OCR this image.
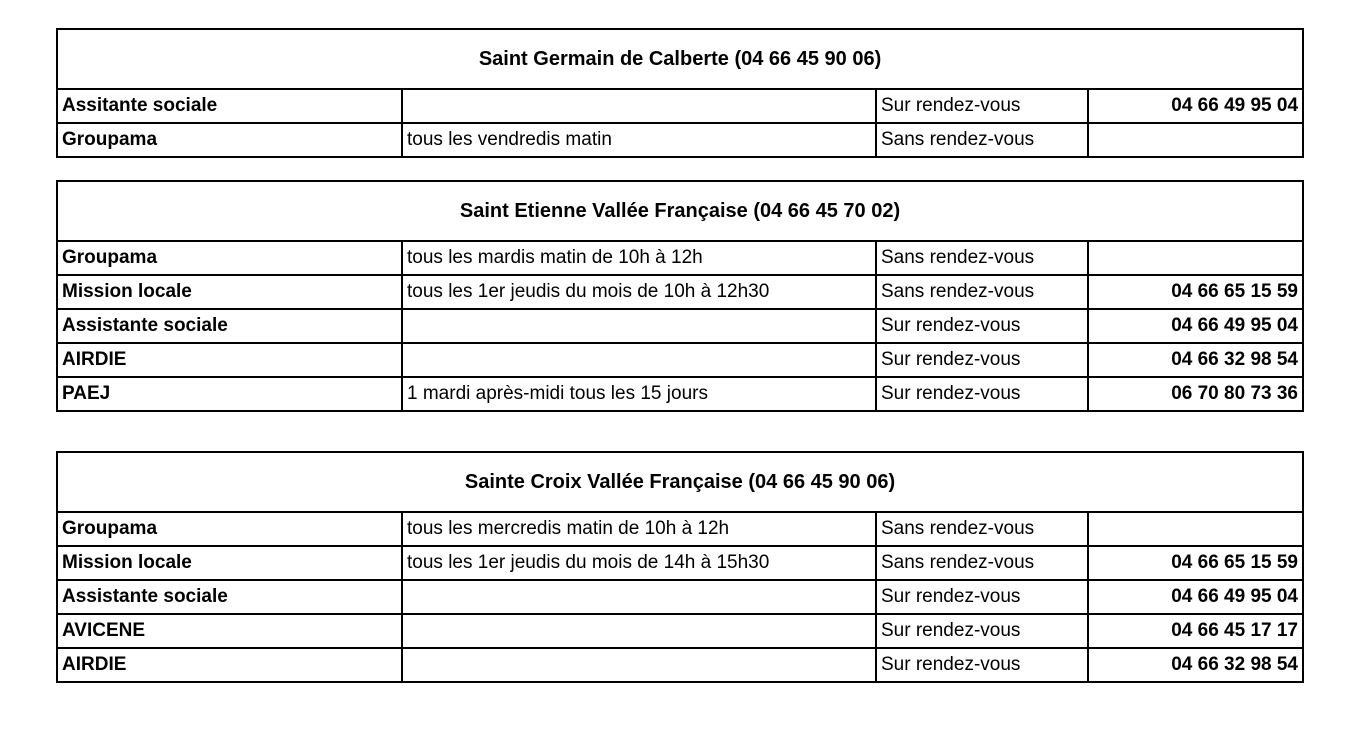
Saint Germain de Calberte (04 66 45 90 06)			
Assitante sociale		Sur rendez-vous	04 66 49 95 04
Groupama	tous les vendredis matin	Sans rendez-vous	
Saint Etienne Vallée Française (04 66 45 70 02)			
Groupama	tous les mardis matin de 10h à 12h	Sans rendez-vous	
Mission locale	tous les 1er jeudis du mois de 10h à 12h30	Sans rendez-vous	04 66 65 15 59
Assistante sociale		Sur rendez-vous	04 66 49 95 04
AIRDIE		Sur rendez-vous	04 66 32 98 54
PAEJ	1 mardi après-midi tous les 15 jours	Sur rendez-vous	06 70 80 73 36
Sainte Croix Vallée Française (04 66 45 90 06)			
Groupama	tous les mercredis matin de 10h à 12h	Sans rendez-vous	
Mission locale	tous les 1er jeudis du mois de 14h à 15h30	Sans rendez-vous	04 66 65 15 59
Assistante sociale		Sur rendez-vous	04 66 49 95 04
AVICENE		Sur rendez-vous	04 66 45 17 17
AIRDIE		Sur rendez-vous	04 66 32 98 54
